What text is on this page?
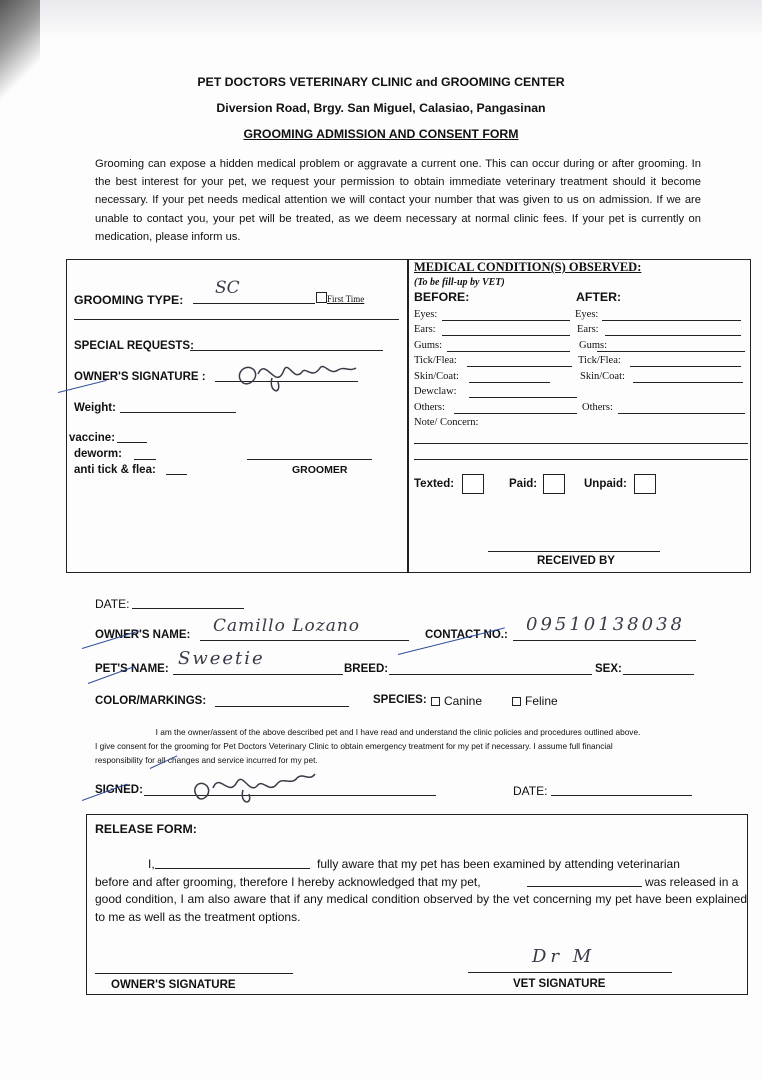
PET DOCTORS VETERINARY CLINIC and GROOMING CENTER
Diversion Road, Brgy. San Miguel, Calasiao, Pangasinan
GROOMING ADMISSION AND CONSENT FORM
Grooming can expose a hidden medical problem or aggravate a current one. This can occur during or after grooming. In the best interest for your pet, we request your permission to obtain immediate veterinary treatment should it become necessary. If your pet needs medical attention we will contact your number that was given to us on admission. If we are unable to contact you, your pet will be treated, as we deem necessary at normal clinic fees. If your pet is currently on medication, please inform us.
GROOMING TYPE:
SC
First Time
SPECIAL REQUESTS:
OWNER'S SIGNATURE :
Weight:
vaccine:
deworm:
anti tick & flea:	GROOMER
MEDICAL CONDITION(S) OBSERVED:
(To be fill-up by VET)
BEFORE:	AFTER:
Eyes:	Eyes:
Ears:	Ears:
Gums:	Gums:
Tick/Flea:	Tick/Flea:
Skin/Coat:	Skin/Coat:
Dewclaw:
Others:	Others:
Note/ Concern:
Texted:	Paid:	Unpaid:
RECEIVED BY
DATE:
OWNER'S NAME: Camillo Lozano	CONTACT NO.: 09510138038
PET'S NAME: Sweetie	BREED:	SEX:
COLOR/MARKINGS:	SPECIES:	Canine	Feline
I am the owner/assent of the above described pet and I have read and understand the clinic policies and procedures outlined above.
I give consent for the grooming for Pet Doctors Veterinary Clinic to obtain emergency treatment for my pet if necessary. I assume full financial
responsibility for all changes and service incurred for my pet.
SIGNED:	DATE:
RELEASE FORM:
I,	fully aware that my pet has been examined by attending veterinarian
before and after grooming, therefore I hereby acknowledged that my pet,	was released in a
good condition, I am also aware that if any medical condition observed by the vet concerning my pet have been explained to me as well as the treatment options.
OWNER'S SIGNATURE
Dr M
VET SIGNATURE
